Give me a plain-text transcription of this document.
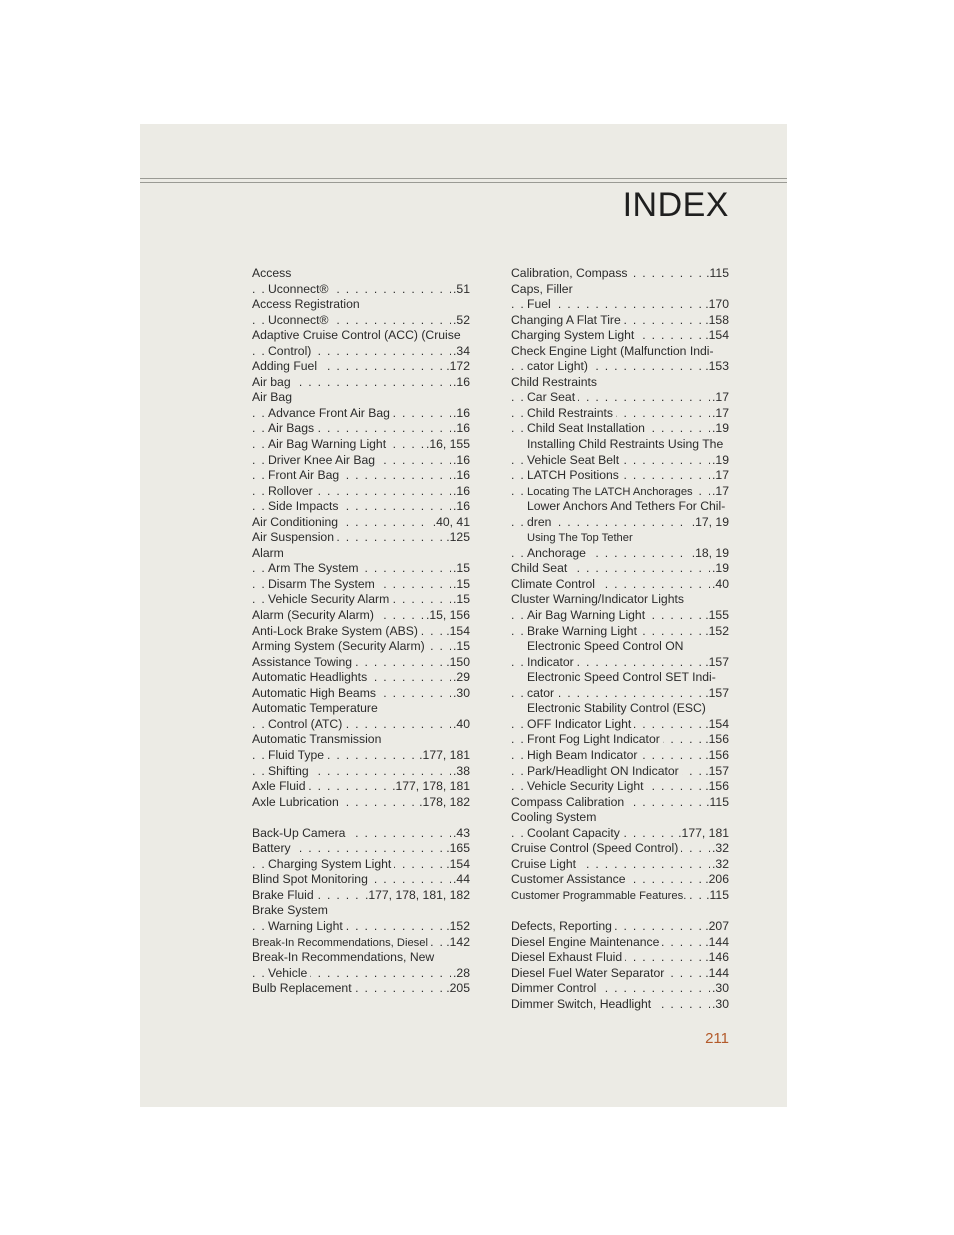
INDEX
Access
. . . Uconnect®	.51
Access Registration
. . . Uconnect®	.52
Adaptive Cruise Control (ACC) (Cruise
. . . Control)	.34
. . . Adding Fuel	.172
. . . Air bag	.16
Air Bag
. . . Advance Front Air Bag	.16
. . . Air Bags	.16
. . . Air Bag Warning Light	.16, 155
. . . Driver Knee Air Bag	.16
. . . Front Air Bag	.16
. . . Rollover	.16
. . . Side Impacts	.16
. . . Air Conditioning	.40, 41
. . . Air Suspension	.125
Alarm
. . . Arm The System	.15
. . . Disarm The System	.15
. . . Vehicle Security Alarm	.15
. . . Alarm (Security Alarm)	.15, 156
. . . Anti-Lock Brake System (ABS) .154
. . . Arming System (Security Alarm) .15
. . . Assistance Towing	.150
. . . Automatic Headlights	.29
. . . Automatic High Beams	.30
Automatic Temperature
. . . Control (ATC)	.40
Automatic Transmission
. . . Fluid Type	.177, 181
. . . Shifting	.38
. . . Axle Fluid	.177, 178, 181
. . . Axle Lubrication	.178, 182
. . . Back-Up Camera	.43
. . . Battery	.165
. . . Charging System Light	.154
. . . Blind Spot Monitoring	.44
. . . Brake Fluid	.177, 178, 181, 182
Brake System
. . . Warning Light	.152
. . . Break-In Recommendations, Diesel .142
Break-In Recommendations, New
. . . Vehicle	.28
. . . Bulb Replacement	.205
. . . Calibration, Compass	.115
Caps, Filler
. . . Fuel	.170
. . . Changing A Flat Tire	.158
. . . Charging System Light	.154
Check Engine Light (Malfunction Indi-
. . . cator Light)	.153
Child Restraints
. . . Car Seat	.17
. . . Child Restraints	.17
. . . Child Seat Installation	.19
Installing Child Restraints Using The
. . . Vehicle Seat Belt	.19
. . . LATCH Positions	.17
. . . Locating The LATCH Anchorages .17
Lower Anchors And Tethers For Chil-
. . . dren	.17, 19
Using The Top Tether
. . . Anchorage	.18, 19
. . . Child Seat	.19
. . . Climate Control	.40
Cluster Warning/Indicator Lights
. . . Air Bag Warning Light	.155
. . . Brake Warning Light	.152
Electronic Speed Control ON
. . . Indicator	.157
Electronic Speed Control SET Indi-
. . . cator	.157
Electronic Stability Control (ESC)
. . . OFF Indicator Light	.154
. . . Front Fog Light Indicator	.156
. . . High Beam Indicator	.156
. . . Park/Headlight ON Indicator .157
. . . Vehicle Security Light	.156
. . . Compass Calibration	.115
Cooling System
. . . Coolant Capacity	.177, 181
. . . Cruise Control (Speed Control)	.32
. . . Cruise Light	.32
. . . Customer Assistance	.206
. . . Customer Programmable Features. .115
. . . Defects, Reporting	.207
. . . Diesel Engine Maintenance	.144
. . . Diesel Exhaust Fluid	.146
. . . Diesel Fuel Water Separator	.144
. . . Dimmer Control	.30
. . . Dimmer Switch, Headlight	.30
211
